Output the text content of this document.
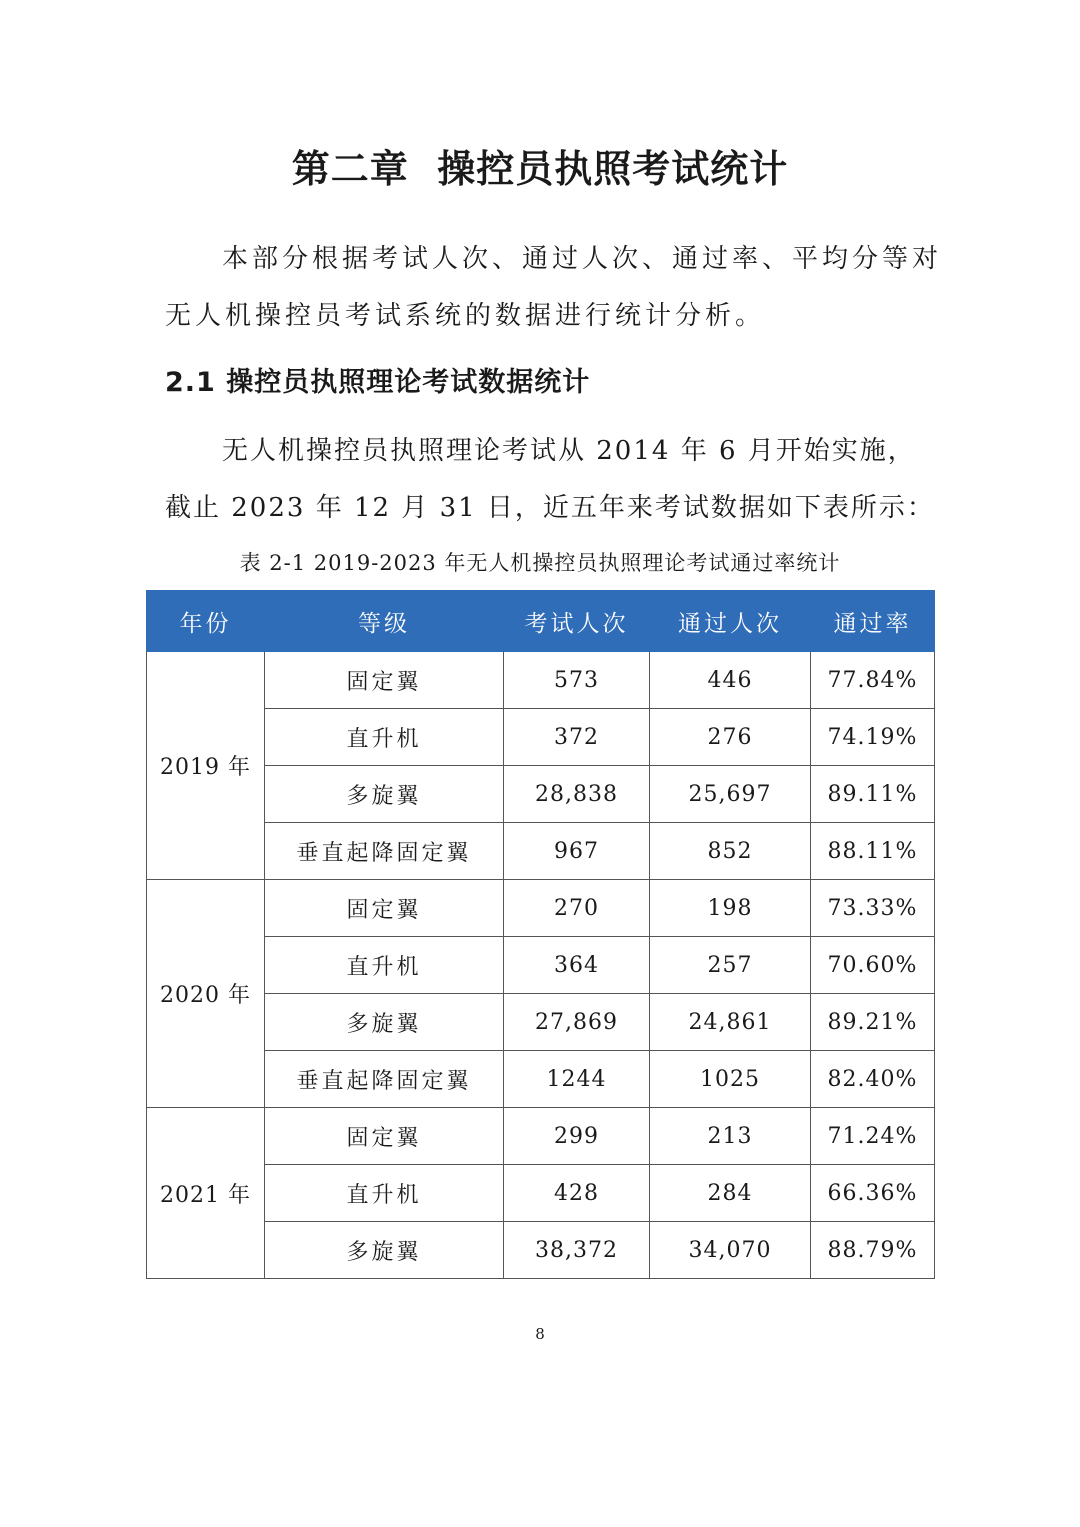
第二章  操控员执照考试统计

本部分根据考试人次、通过人次、通过率、平均分等对

无人机操控员考试系统的数据进行统计分析。

2.1 操控员执照理论考试数据统计

无人机操控员执照理论考试从 2014 年 6 月开始实施，

截止 2023 年 12 月 31 日，近五年来考试数据如下表所示：

表 2-1 2019-2023 年无人机操控员执照理论考试通过率统计

年份	等级	考试人次	通过人次	通过率
2019 年	固定翼	573	446	77.84%
	直升机	372	276	74.19%
	多旋翼	28,838	25,697	89.11%
	垂直起降固定翼	967	852	88.11%
2020 年	固定翼	270	198	73.33%
	直升机	364	257	70.60%
	多旋翼	27,869	24,861	89.21%
	垂直起降固定翼	1244	1025	82.40%
2021 年	固定翼	299	213	71.24%
	直升机	428	284	66.36%
	多旋翼	38,372	34,070	88.79%

8
